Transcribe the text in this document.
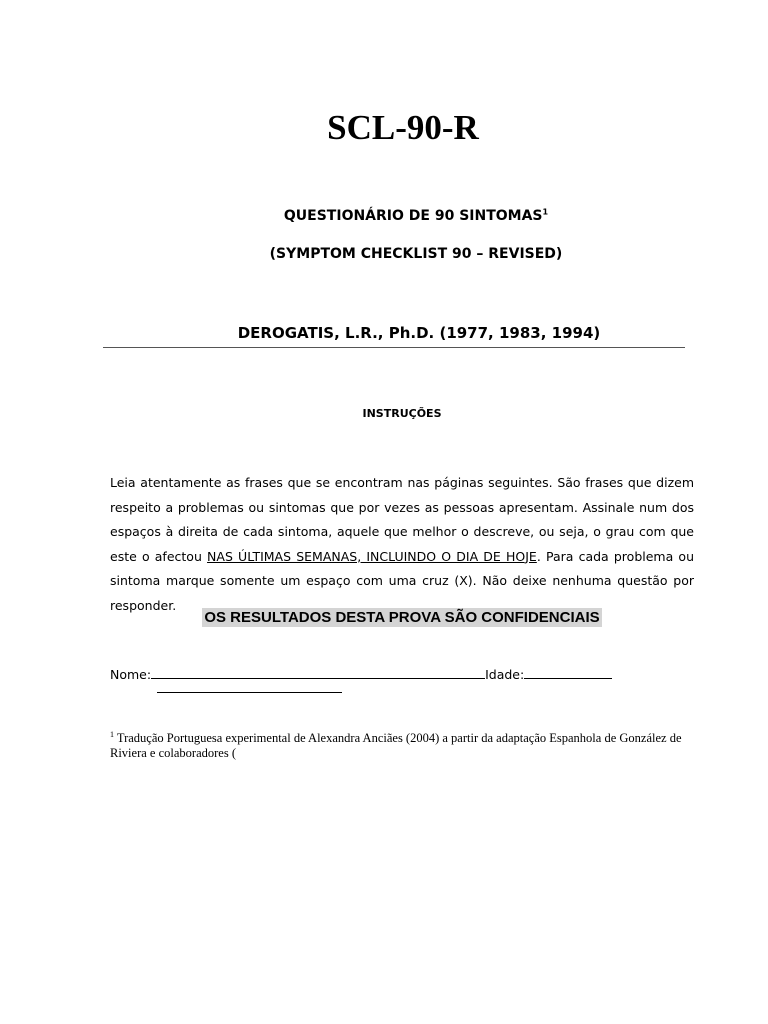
SCL-90-R
QUESTIONÁRIO DE 90 SINTOMAS$^1$
(SYMPTOM CHECKLIST 90 – REVISED)
DEROGATIS, L.R., Ph.D. (1977, 1983, 1994)
INSTRUÇÕES
Leia atentamente as frases que se encontram nas páginas seguintes. São frases que dizem respeito a problemas ou sintomas que por vezes as pessoas apresentam. Assinale num dos espaços à direita de cada sintoma, aquele que melhor o descreve, ou seja, o grau com que este o afectou NAS ÚLTIMAS SEMANAS, INCLUINDO O DIA DE HOJE. Para cada problema ou sintoma marque somente um espaço com uma cruz (X). Não deixe nenhuma questão por responder.
OS RESULTADOS DESTA PROVA SÃO CONFIDENCIAIS
Nome:	Idade:
$^1$ Tradução Portuguesa experimental de Alexandra Anciães (2004) a partir da adaptação Espanhola de González de Riviera e colaboradores (
